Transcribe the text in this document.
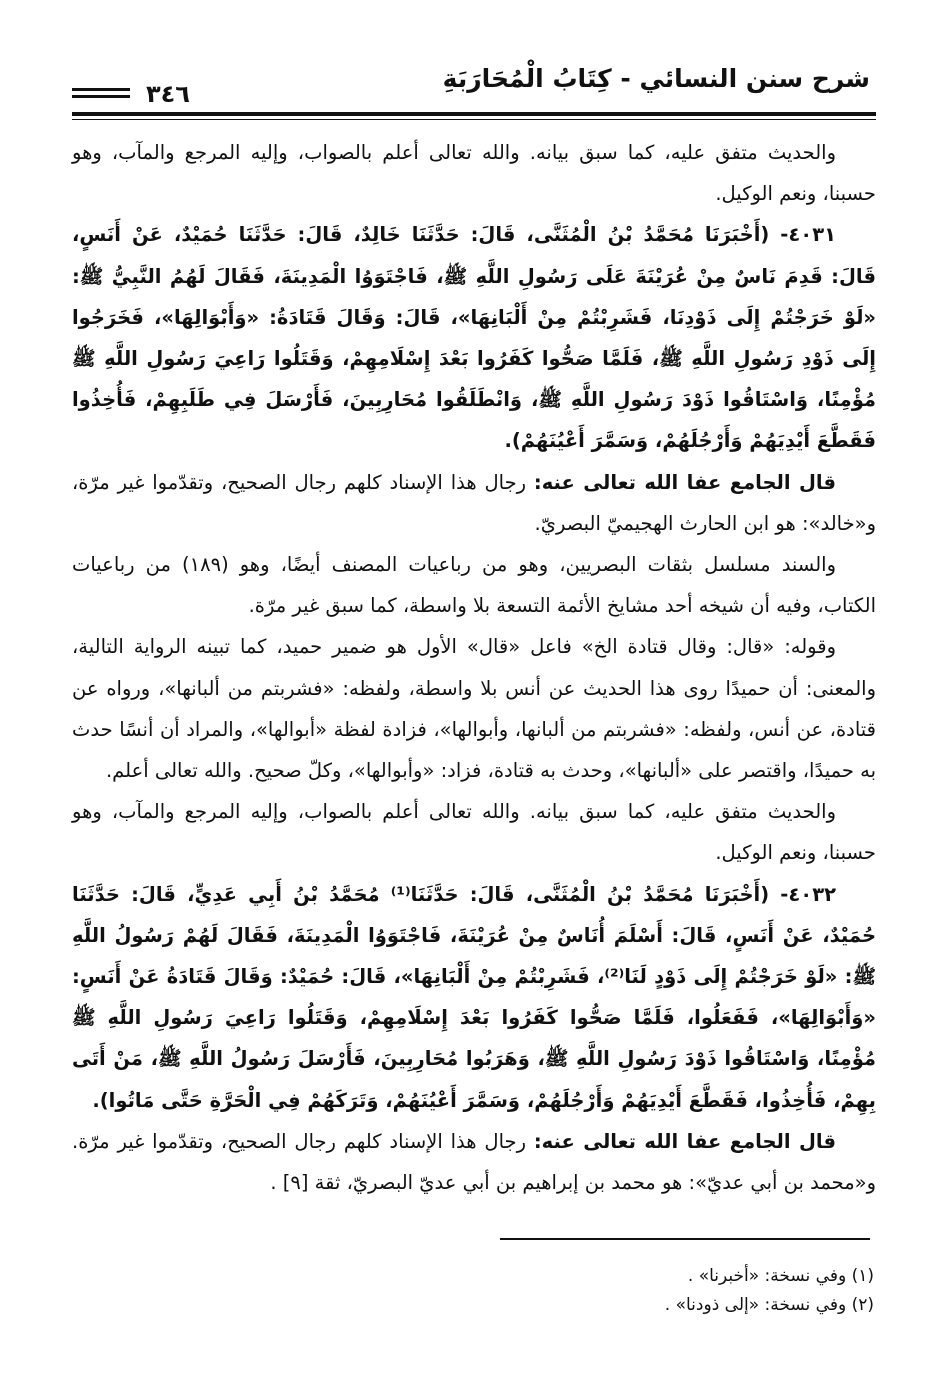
شرح سنن النسائي - كِتَابُ الْمُحَارَبَةِ
٣٤٦

والحديث متفق عليه، كما سبق بيانه. والله تعالى أعلم بالصواب، وإليه المرجع والمآب، وهو حسبنا، ونعم الوكيل.

٤٠٣١- (أَخْبَرَنَا مُحَمَّدُ بْنُ الْمُثَنَّى، قَالَ: حَدَّثَنَا خَالِدٌ، قَالَ: حَدَّثَنَا حُمَيْدٌ، عَنْ أَنَسٍ، قَالَ: قَدِمَ نَاسٌ مِنْ عُرَيْنَةَ عَلَى رَسُولِ اللَّهِ ﷺ، فَاجْتَوَوُا الْمَدِينَةَ، فَقَالَ لَهُمُ النَّبِيُّ ﷺ: «لَوْ خَرَجْتُمْ إِلَى ذَوْدِنَا، فَشَرِبْتُمْ مِنْ أَلْبَانِهَا»، قَالَ: وَقَالَ قَتَادَةُ: «وَأَبْوَالِهَا»، فَخَرَجُوا إِلَى ذَوْدِ رَسُولِ اللَّهِ ﷺ، فَلَمَّا صَحُّوا كَفَرُوا بَعْدَ إِسْلَامِهِمْ، وَقَتَلُوا رَاعِيَ رَسُولِ اللَّهِ ﷺ مُؤْمِنًا، وَاسْتَاقُوا ذَوْدَ رَسُولِ اللَّهِ ﷺ، وَانْطَلَقُوا مُحَارِبِينَ، فَأَرْسَلَ فِي طَلَبِهِمْ، فَأُخِذُوا فَقَطَّعَ أَيْدِيَهُمْ وَأَرْجُلَهُمْ، وَسَمَّرَ أَعْيُنَهُمْ).

قال الجامع عفا الله تعالى عنه: رجال هذا الإسناد كلهم رجال الصحيح، وتقدّموا غير مرّة، و«خالد»: هو ابن الحارث الهجيميّ البصريّ.

والسند مسلسل بثقات البصريين، وهو من رباعيات المصنف أيضًا، وهو (١٨٩) من رباعيات الكتاب، وفيه أن شيخه أحد مشايخ الأئمة التسعة بلا واسطة، كما سبق غير مرّة.

وقوله: «قال: وقال قتادة الخ» فاعل «قال» الأول هو ضمير حميد، كما تبينه الرواية التالية، والمعنى: أن حميدًا روى هذا الحديث عن أنس بلا واسطة، ولفظه: «فشربتم من ألبانها»، ورواه عن قتادة، عن أنس، ولفظه: «فشربتم من ألبانها، وأبوالها»، فزادة لفظة «أبوالها»، والمراد أن أنسًا حدث به حميدًا، واقتصر على «ألبانها»، وحدث به قتادة، فزاد: «وأبوالها»، وكلّ صحيح. والله تعالى أعلم.

والحديث متفق عليه، كما سبق بيانه. والله تعالى أعلم بالصواب، وإليه المرجع والمآب، وهو حسبنا، ونعم الوكيل.

٤٠٣٢- (أَخْبَرَنَا مُحَمَّدُ بْنُ الْمُثَنَّى، قَالَ: حَدَّثَنَا⁽¹⁾ مُحَمَّدُ بْنُ أَبِي عَدِيٍّ، قَالَ: حَدَّثَنَا حُمَيْدٌ، عَنْ أَنَسٍ، قَالَ: أَسْلَمَ أُنَاسٌ مِنْ عُرَيْنَةَ، فَاجْتَوَوُا الْمَدِينَةَ، فَقَالَ لَهُمْ رَسُولُ اللَّهِ ﷺ: «لَوْ خَرَجْتُمْ إِلَى ذَوْدٍ لَنَا⁽²⁾، فَشَرِبْتُمْ مِنْ أَلْبَانِهَا»، قَالَ: حُمَيْدٌ: وَقَالَ قَتَادَةُ عَنْ أَنَسٍ: «وَأَبْوَالِهَا»، فَفَعَلُوا، فَلَمَّا صَحُّوا كَفَرُوا بَعْدَ إِسْلَامِهِمْ، وَقَتَلُوا رَاعِيَ رَسُولِ اللَّهِ ﷺ مُؤْمِنًا، وَاسْتَاقُوا ذَوْدَ رَسُولِ اللَّهِ ﷺ، وَهَرَبُوا مُحَارِبِينَ، فَأَرْسَلَ رَسُولُ اللَّهِ ﷺ، مَنْ أَتَى بِهِمْ، فَأُخِذُوا، فَقَطَّعَ أَيْدِيَهُمْ وَأَرْجُلَهُمْ، وَسَمَّرَ أَعْيُنَهُمْ، وَتَرَكَهُمْ فِي الْحَرَّةِ حَتَّى مَاتُوا).

قال الجامع عفا الله تعالى عنه: رجال هذا الإسناد كلهم رجال الصحيح، وتقدّموا غير مرّة. و«محمد بن أبي عديّ»: هو محمد بن إبراهيم بن أبي عديّ البصريّ، ثقة [٩] .

(١) وفي نسخة: «أخبرنا» .
(٢) وفي نسخة: «إلى ذودنا» .
